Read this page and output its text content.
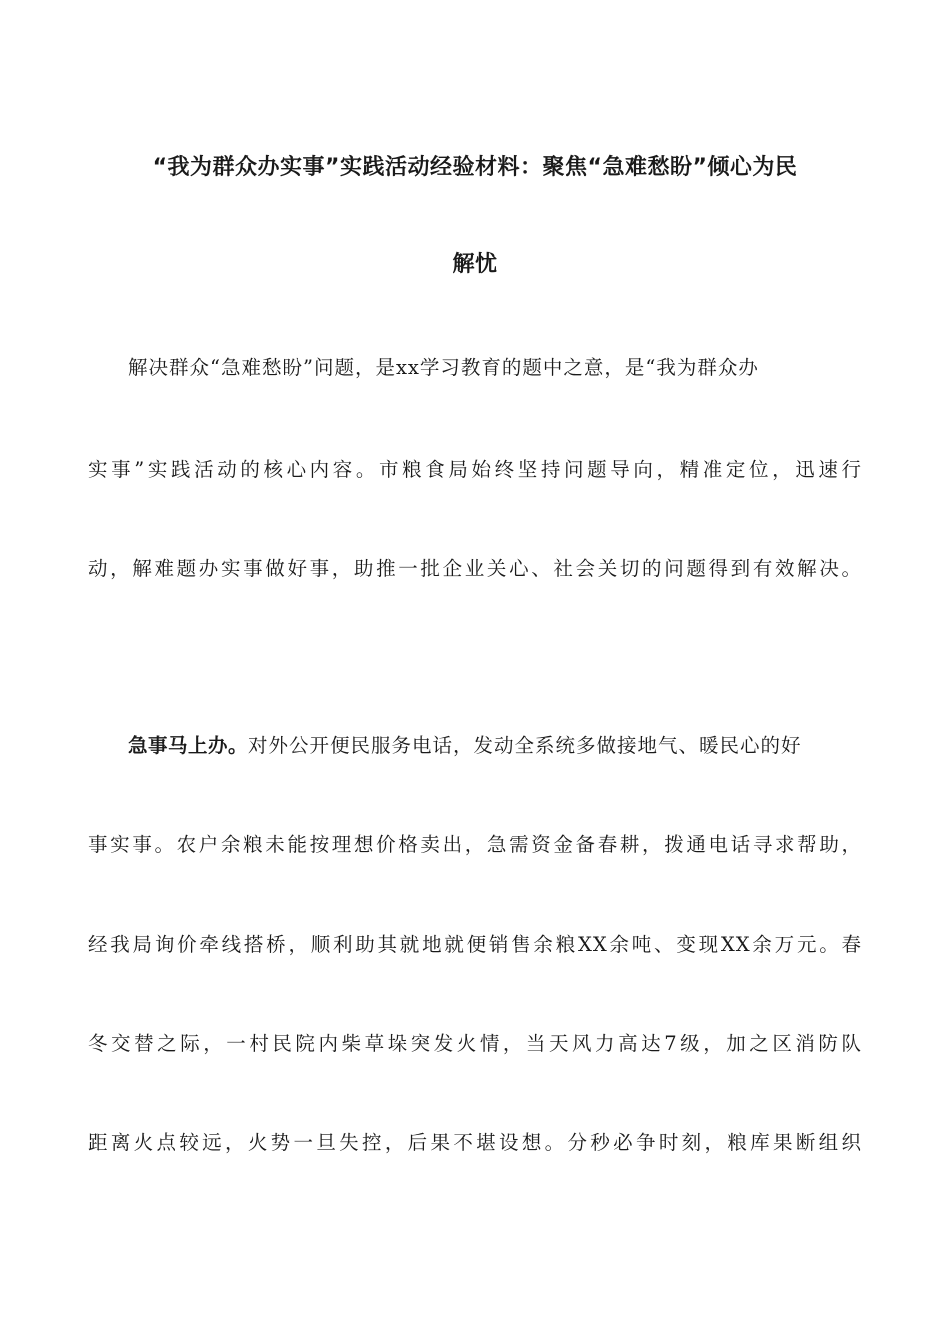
“我为群众办实事”实践活动经验材料：聚焦“急难愁盼”倾心为民
解忧
解决群众“急难愁盼”问题，是xx学习教育的题中之意，是“我为群众办
实事”实践活动的核心内容。市粮食局始终坚持问题导向，精准定位，迅速行
动，解难题办实事做好事，助推一批企业关心、社会关切的问题得到有效解决。
急事马上办。对外公开便民服务电话，发动全系统多做接地气、暖民心的好
事实事。农户余粮未能按理想价格卖出，急需资金备春耕，拨通电话寻求帮助，
经我局询价牵线搭桥，顺利助其就地就便销售余粮XX余吨、变现XX余万元。春
冬交替之际，一村民院内柴草垛突发火情，当天风力高达7级，加之区消防队
距离火点较远，火势一旦失控，后果不堪设想。分秒必争时刻，粮库果断组织
